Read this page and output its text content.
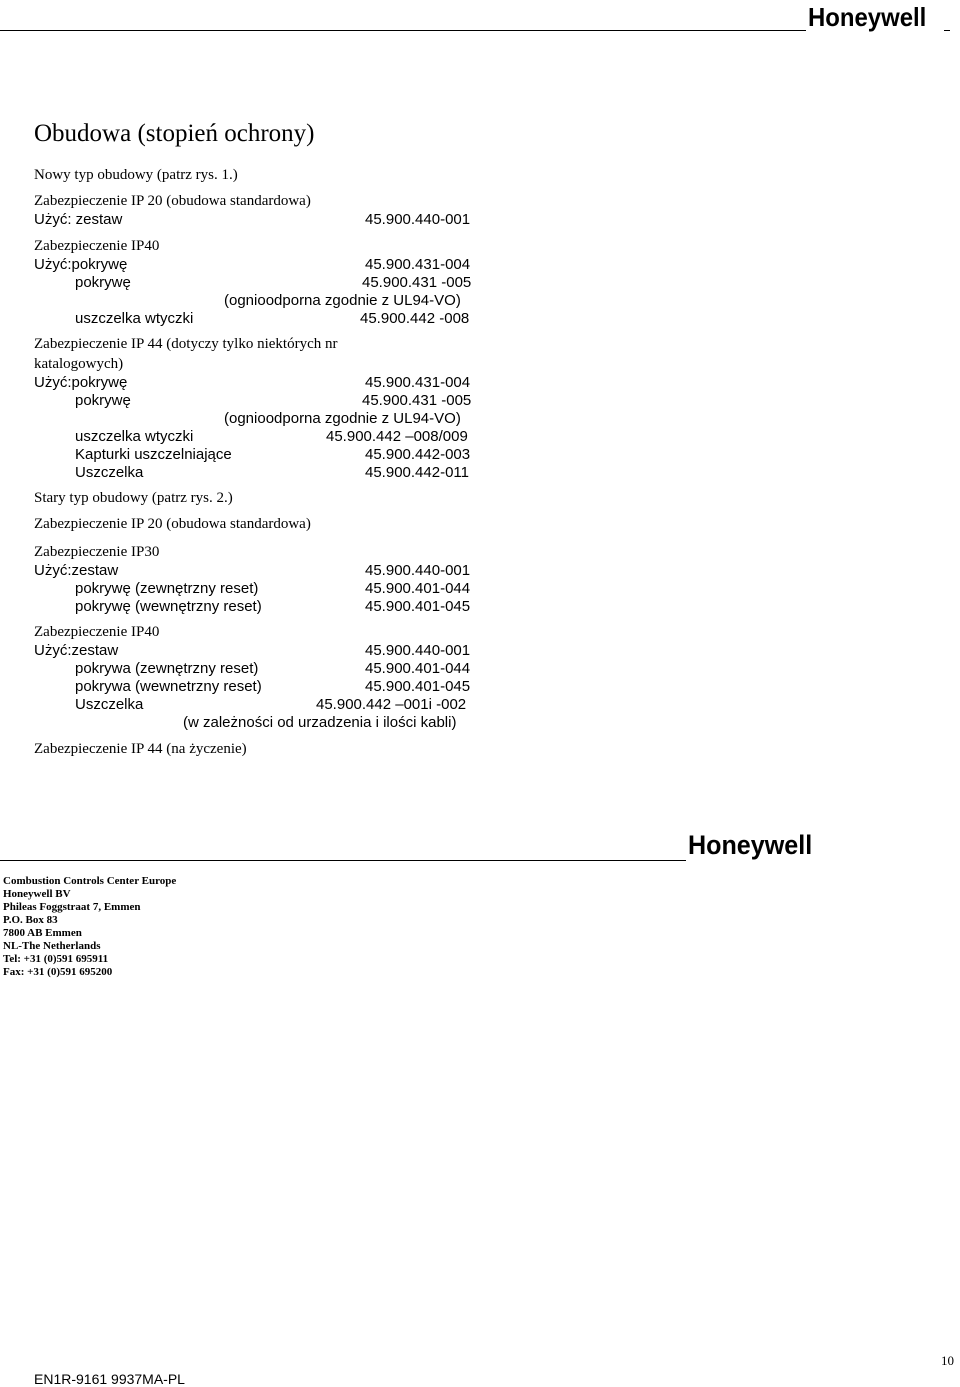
Honeywell
Obudowa (stopień ochrony)
Nowy typ obudowy (patrz rys. 1.)
Zabezpieczenie IP 20 (obudowa standardowa)
Użyć: zestaw	45.900.440-001
Zabezpieczenie IP40
Użyć:pokrywę	45.900.431-004
pokrywę	45.900.431 -005
(ognioodporna zgodnie z UL94-VO)
uszczelka wtyczki	45.900.442 -008
Zabezpieczenie IP 44 (dotyczy tylko niektórych nr
katalogowych)
Użyć:pokrywę	45.900.431-004
pokrywę	45.900.431 -005
(ognioodporna zgodnie z UL94-VO)
uszczelka wtyczki	45.900.442 –008/009
Kapturki uszczelniające	45.900.442-003
Uszczelka	45.900.442-011
Stary typ obudowy (patrz rys. 2.)
Zabezpieczenie IP 20 (obudowa standardowa)
Zabezpieczenie IP30
Użyć:zestaw	45.900.440-001
pokrywę (zewnętrzny reset)	45.900.401-044
pokrywę (wewnętrzny reset)	45.900.401-045
Zabezpieczenie IP40
Użyć:zestaw	45.900.440-001
pokrywa (zewnętrzny reset)	45.900.401-044
pokrywa (wewnetrzny reset)	45.900.401-045
Uszczelka	45.900.442 –001i -002
(w zależności od urzadzenia i ilości kabli)
Zabezpieczenie IP 44 (na życzenie)
Honeywell
Combustion Controls Center Europe
Honeywell BV
Phileas Foggstraat 7, Emmen
P.O. Box 83
7800 AB Emmen
NL-The Netherlands
Tel: +31 (0)591 695911
Fax: +31 (0)591 695200
EN1R-9161 9937MA-PL
10
